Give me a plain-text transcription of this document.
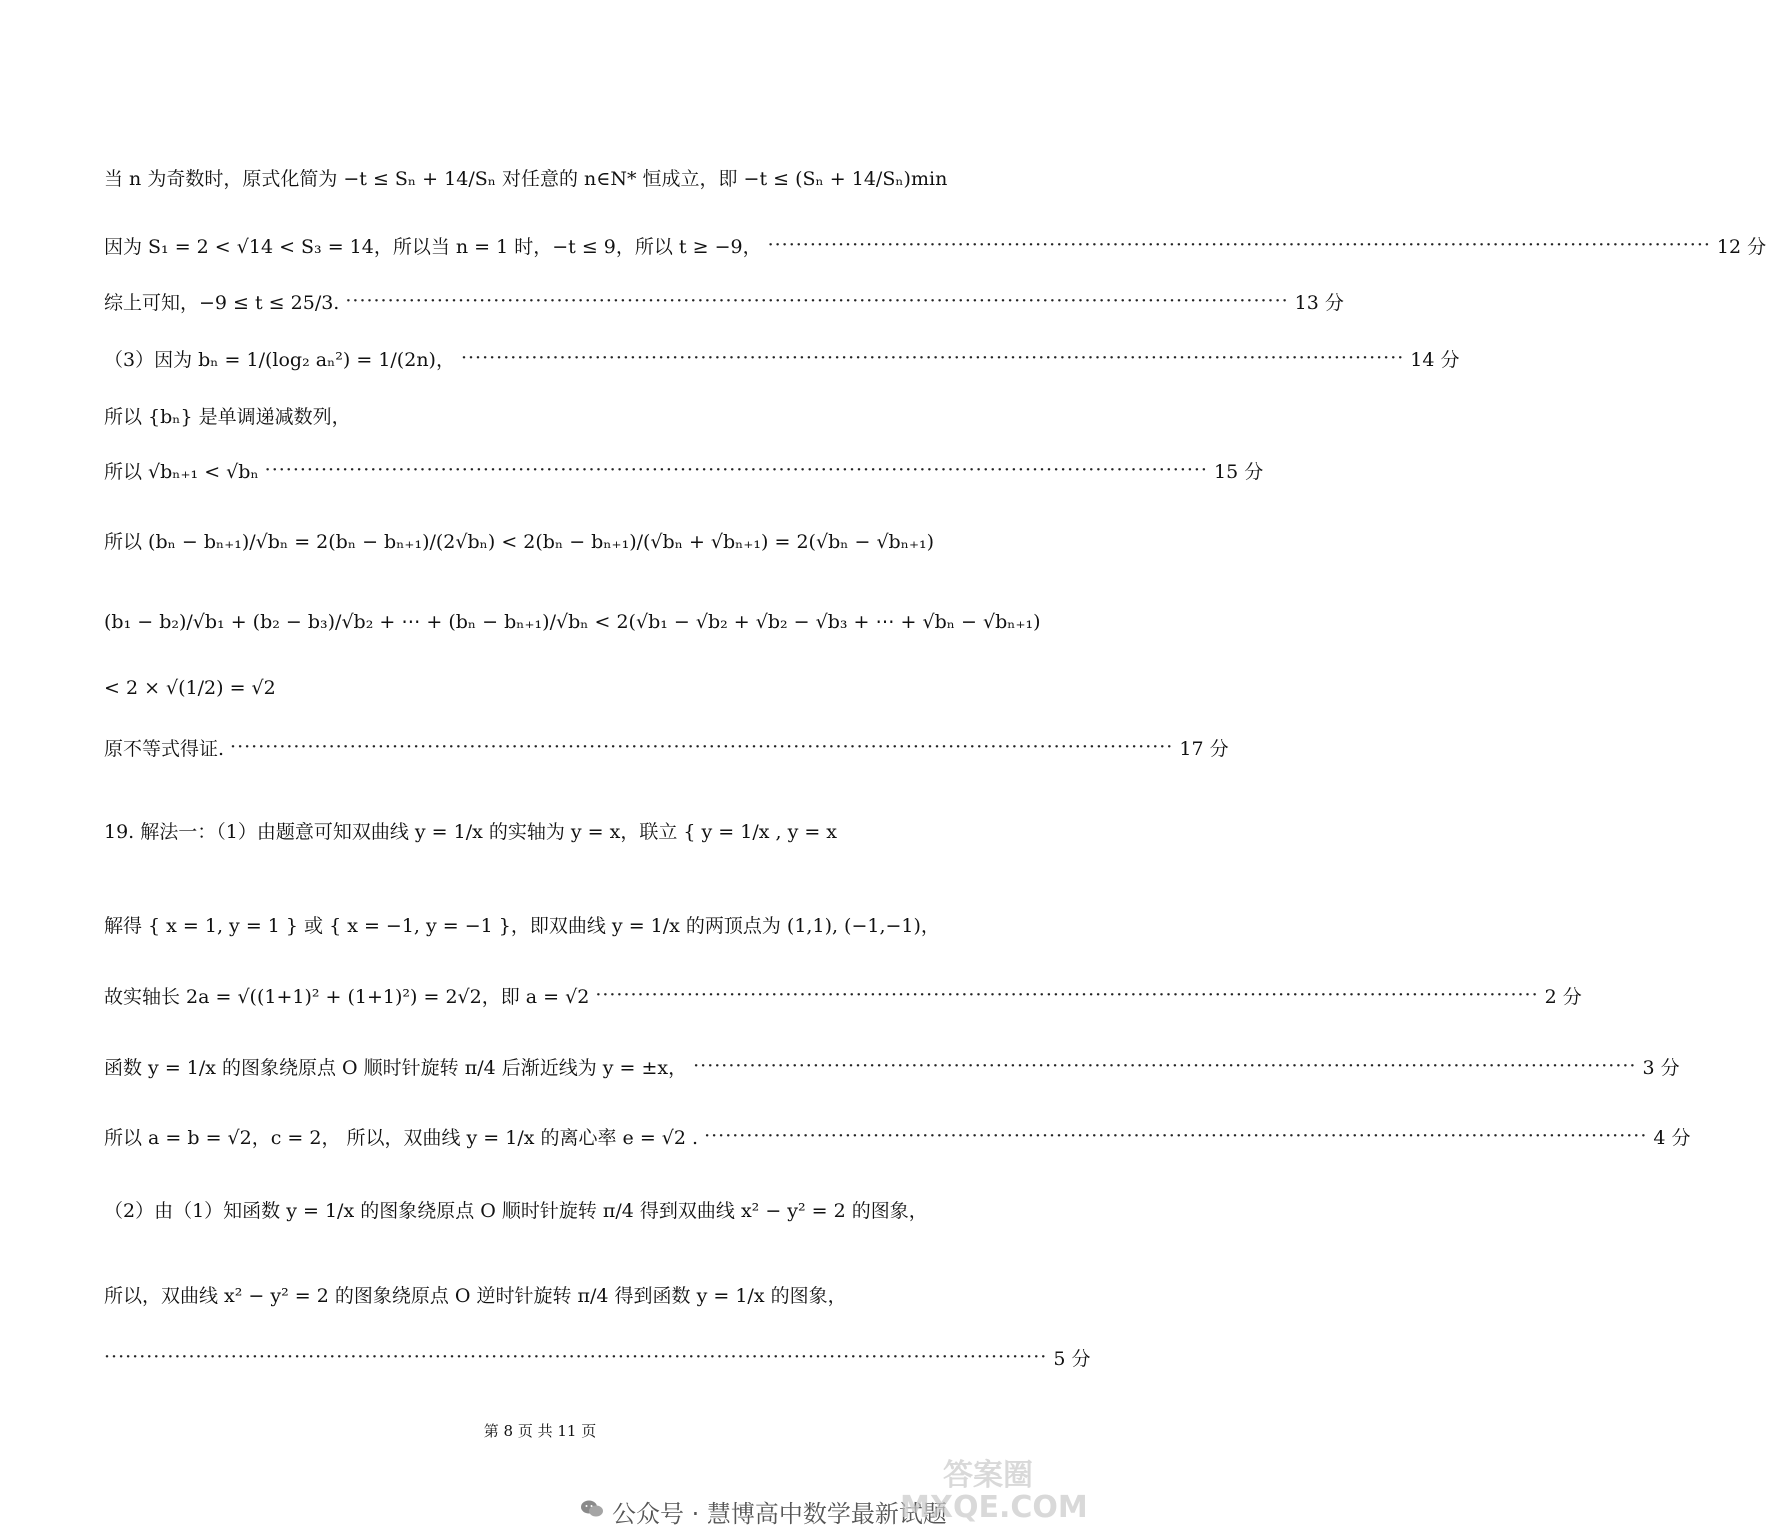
当 n 为奇数时，原式化简为 −t ≤ Sₙ + 14/Sₙ 对任意的 n∈N* 恒成立，即 −t ≤ (Sₙ + 14/Sₙ)min
因为 S₁ = 2 < √14 < S₃ = 14，所以当 n = 1 时，−t ≤ 9，所以 t ≥ −9， ······································································································································ 12 分
综上可知，−9 ≤ t ≤ 25/3. ······································································································································ 13 分
（3）因为 bₙ = 1/(log₂ aₙ²) = 1/(2n)， ······································································································································ 14 分
所以 {bₙ} 是单调递减数列，
所以 √bₙ₊₁ < √bₙ ······································································································································ 15 分
所以 (bₙ − bₙ₊₁)/√bₙ = 2(bₙ − bₙ₊₁)/(2√bₙ) < 2(bₙ − bₙ₊₁)/(√bₙ + √bₙ₊₁) = 2(√bₙ − √bₙ₊₁)
(b₁ − b₂)/√b₁ + (b₂ − b₃)/√b₂ + ⋯ + (bₙ − bₙ₊₁)/√bₙ < 2(√b₁ − √b₂ + √b₂ − √b₃ + ⋯ + √bₙ − √bₙ₊₁)
< 2 × √(1/2) = √2
原不等式得证. ······································································································································ 17 分
19. 解法一：（1）由题意可知双曲线 y = 1/x 的实轴为 y = x，联立 { y = 1/x , y = x
解得 { x = 1, y = 1 } 或 { x = −1, y = −1 }，即双曲线 y = 1/x 的两顶点为 (1,1), (−1,−1)，
故实轴长 2a = √((1+1)² + (1+1)²) = 2√2，即 a = √2 ······································································································································ 2 分
函数 y = 1/x 的图象绕原点 O 顺时针旋转 π/4 后渐近线为 y = ±x， ······································································································································ 3 分
所以 a = b = √2，c = 2， 所以，双曲线 y = 1/x 的离心率 e = √2 . ······································································································································ 4 分
（2）由（1）知函数 y = 1/x 的图象绕原点 O 顺时针旋转 π/4 得到双曲线 x² − y² = 2 的图象，
所以，双曲线 x² − y² = 2 的图象绕原点 O 逆时针旋转 π/4 得到函数 y = 1/x 的图象，
······································································································································ 5 分
第 8 页 共 11 页
公众号 · 慧博高中数学最新试题
答案圈 MXQE.COM
